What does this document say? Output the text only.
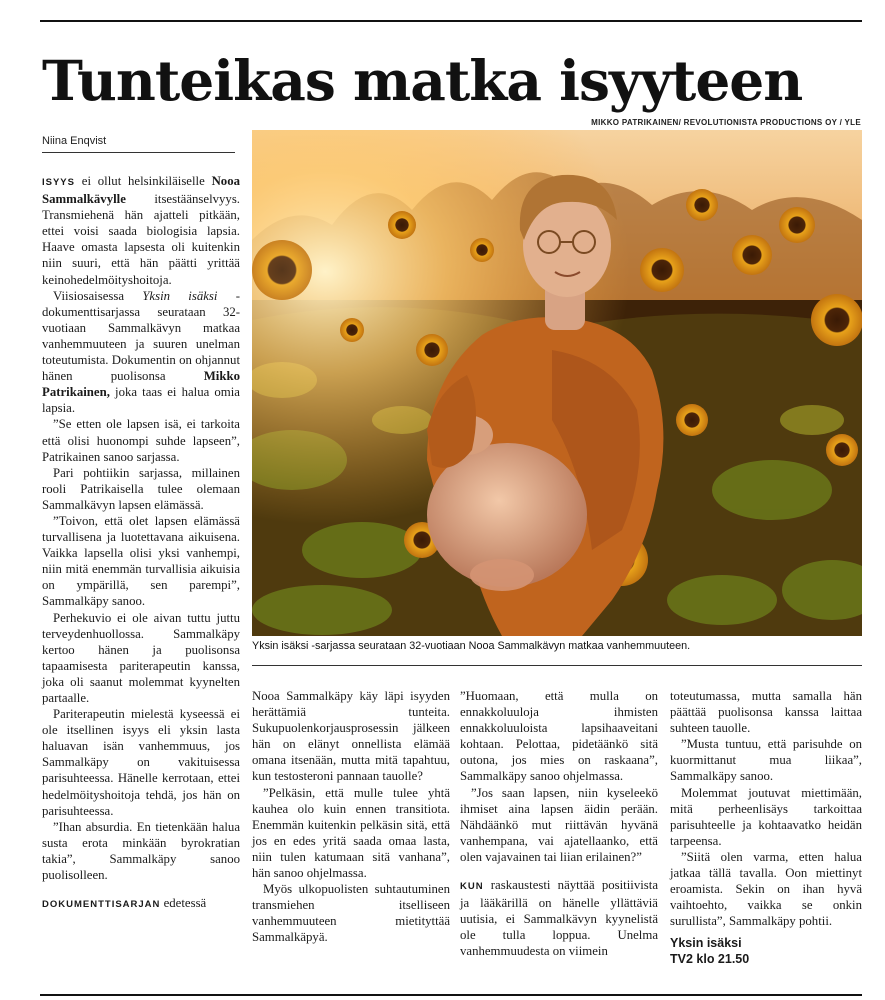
Tunteikas matka isyyteen
MIKKO PATRIKAINEN/ REVOLUTIONISTA PRODUCTIONS OY / YLE
Niina Enqvist

ISYYS ei ollut helsinkiläiselle Nooa Sammalkävylle itsestäänselvyys. Transmiehenä hän ajatteli pitkään, ettei voisi saada biologisia lapsia. Haave omasta lapsesta oli kuitenkin niin suuri, että hän päätti yrittää keinohedelmöityshoitoja.

Viisiosaisessa Yksin isäksi -dokumenttisarjassa seurataan 32-vuotiaan Sammalkävyn matkaa vanhemmuuteen ja suuren unelman toteutumista. Dokumentin on ohjannut hänen puolisonsa Mikko Patrikainen, joka taas ei halua omia lapsia.

”Se etten ole lapsen isä, ei tarkoita että olisi huonompi suhde lapseen”, Patrikainen sanoo sarjassa.

Pari pohtiikin sarjassa, millainen rooli Patrikaisella tulee olemaan Sammalkävyn lapsen elämässä.

”Toivon, että olet lapsen elämässä turvallisena ja luotettavana aikuisena. Vaikka lapsella olisi yksi vanhempi, niin mitä enemmän turvallisia aikuisia on ympärillä, sen parempi”, Sammalkäpy sanoo.

Perhekuvio ei ole aivan tuttu juttu terveydenhuollossa. Sammalkäpy kertoo hänen ja puolisonsa tapaamisesta pariterapeutin kanssa, joka oli saanut molemmat kyynelten partaalle.

Pariterapeutin mielestä kyseessä ei ole itsellinen isyys eli yksin lasta haluavan isän vanhemmuus, jos Sammalkäpy on vakituisessa parisuhteessa. Hänelle kerrotaan, ettei hedelmöityshoitoja tehdä, jos hän on parisuhteessa.

”Ihan absurdia. En tietenkään halua susta erota minkään byrokratian takia”, Sammalkäpy sanoo puolisolleen.

DOKUMENTTISARJAN edetessä

Yksin isäksi -sarjassa seurataan 32-vuotiaan Nooa Sammalkävyn matkaa vanhemmuuteen.

Nooa Sammalkäpy käy läpi isyyden herättämiä tunteita. Sukupuolenkorjausprosessin jälkeen hän on elänyt onnellista elämää omana itsenään, mutta mitä tapahtuu, kun testosteroni pannaan tauolle?

”Pelkäsin, että mulle tulee yhtä kauhea olo kuin ennen transitiota. Enemmän kuitenkin pelkäsin sitä, että jos en edes yritä saada omaa lasta, niin tulen katumaan sitä vanhana”, hän sanoo ohjelmassa.

Myös ulkopuolisten suhtautuminen transmiehen itselliseen vanhemmuuteen mietityttää Sammalkäpyä.

”Huomaan, että mulla on ennakkoluuloja ihmisten ennakkoluuloista lapsihaaveitani kohtaan. Pelottaa, pidetäänkö sitä outona, jos mies on raskaana”, Sammalkäpy sanoo ohjelmassa.

”Jos saan lapsen, niin kyseleekö ihmiset aina lapsen äidin perään. Nähdäänkö mut riittävän hyvänä vanhempana, vai ajatellaanko, että olen vajavainen tai liian erilainen?”

KUN raskaustesti näyttää positiivista ja lääkärillä on hänelle yllättäviä uutisia, ei Sammalkävyn kyynelistä ole tulla loppua. Unelma vanhemmuudesta on viimein

toteutumassa, mutta samalla hän päättää puolisonsa kanssa laittaa suhteen tauolle.

”Musta tuntuu, että parisuhde on kuormittanut mua liikaa”, Sammalkäpy sanoo.

Molemmat joutuvat miettimään, mitä perheenlisäys tarkoittaa parisuhteelle ja kohtaavatko heidän tarpeensa.

”Siitä olen varma, etten halua jatkaa tällä tavalla. Oon miettinyt eroamista. Sekin on ihan hyvä vaihtoehto, vaikka se onkin surullista”, Sammalkäpy pohtii.

Yksin isäksi
TV2 klo 21.50
